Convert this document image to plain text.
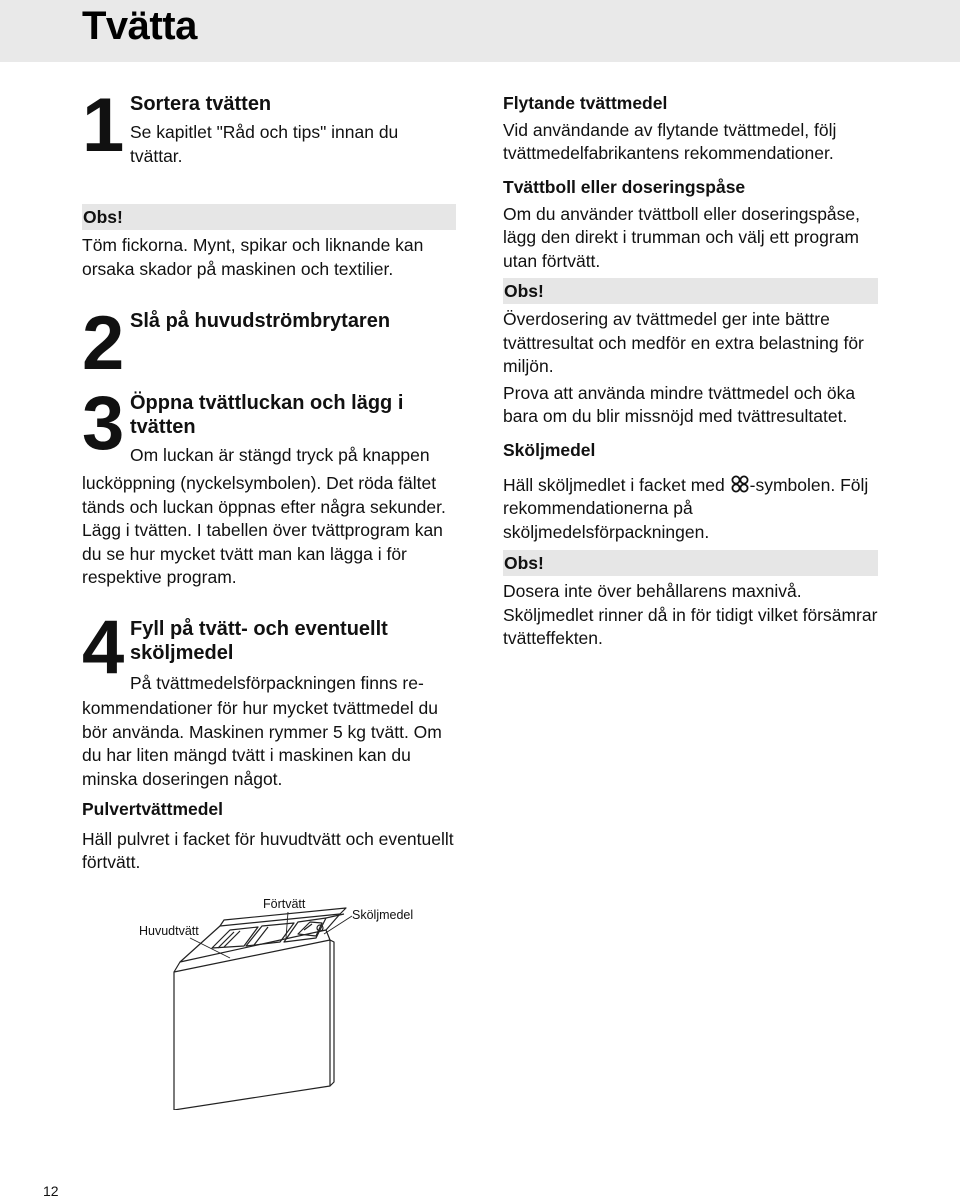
Tvätta
1 Sortera tvätten
Se kapitlet "Råd och tips" innan du tvättar.
Obs!
Töm fickorna. Mynt, spikar och liknande kan orsaka skador på maskinen och textilier.
2 Slå på huvudströmbrytaren
3 Öppna tvättluckan och lägg i
tvätten
Om luckan är stängd tryck på knappen
lucköppning (nyckelsymbolen). Det röda fältet tänds och luckan öppnas efter några sekunder. Lägg i tvätten. I tabellen över tvättprogram kan du se hur mycket tvätt man kan lägga i för respektive program.
4 Fyll på tvätt- och eventuellt
sköljmedel
På tvättmedelsförpackningen finns re-
kommendationer för hur mycket tvättmedel du bör använda. Maskinen rymmer 5 kg tvätt. Om du har liten mängd tvätt i maskinen kan du minska doseringen något.
Pulvertvättmedel
Häll pulvret i facket för huvudtvätt och eventuellt förtvätt.
Flytande tvättmedel
Vid användande av flytande tvättmedel, följ tvättmedelfabrikantens rekommendationer.
Tvättboll eller doseringspåse
Om du använder tvättboll eller doseringspåse, lägg den direkt i trumman och välj ett program utan förtvätt.
Obs!
Överdosering av tvättmedel ger inte bättre tvättresultat och medför en extra belastning för miljön.
Prova att använda mindre tvättmedel och öka bara om du blir missnöjd med tvättresultatet.
Sköljmedel
Häll sköljmedlet i facket med -symbolen. Följ rekommendationerna på sköljmedelsförpackningen.
Obs!
Dosera inte över behållarens maxnivå. Sköljmedlet rinner då in för tidigt vilket försämrar tvätteffekten.
Huvudtvätt
Förtvätt
Sköljmedel
12
